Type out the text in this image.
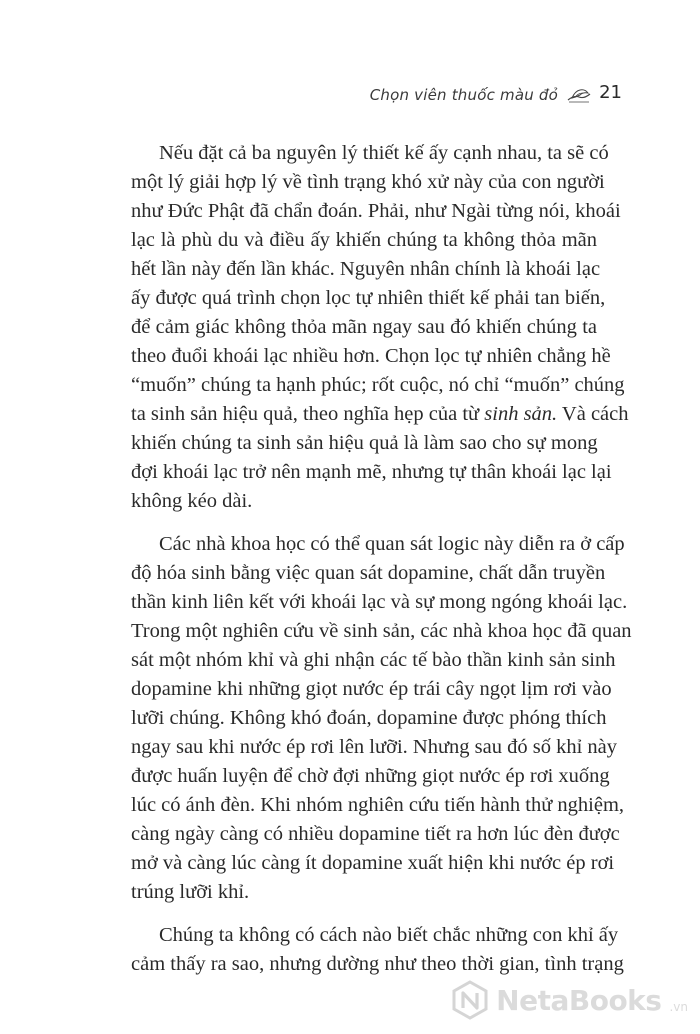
Chọn viên thuốc màu đỏ 21

Nếu đặt cả ba nguyên lý thiết kế ấy cạnh nhau, ta sẽ có
một lý giải hợp lý về tình trạng khó xử này của con người
như Đức Phật đã chẩn đoán. Phải, như Ngài từng nói, khoái
lạc là phù du và điều ấy khiến chúng ta không thỏa mãn
hết lần này đến lần khác. Nguyên nhân chính là khoái lạc
ấy được quá trình chọn lọc tự nhiên thiết kế phải tan biến,
để cảm giác không thỏa mãn ngay sau đó khiến chúng ta
theo đuổi khoái lạc nhiều hơn. Chọn lọc tự nhiên chẳng hề
“muốn” chúng ta hạnh phúc; rốt cuộc, nó chỉ “muốn” chúng
ta sinh sản hiệu quả, theo nghĩa hẹp của từ sinh sản. Và cách
khiến chúng ta sinh sản hiệu quả là làm sao cho sự mong
đợi khoái lạc trở nên mạnh mẽ, nhưng tự thân khoái lạc lại
không kéo dài.

Các nhà khoa học có thể quan sát logic này diễn ra ở cấp
độ hóa sinh bằng việc quan sát dopamine, chất dẫn truyền
thần kinh liên kết với khoái lạc và sự mong ngóng khoái lạc.
Trong một nghiên cứu về sinh sản, các nhà khoa học đã quan
sát một nhóm khỉ và ghi nhận các tế bào thần kinh sản sinh
dopamine khi những giọt nước ép trái cây ngọt lịm rơi vào
lưỡi chúng. Không khó đoán, dopamine được phóng thích
ngay sau khi nước ép rơi lên lưỡi. Nhưng sau đó số khỉ này
được huấn luyện để chờ đợi những giọt nước ép rơi xuống
lúc có ánh đèn. Khi nhóm nghiên cứu tiến hành thử nghiệm,
càng ngày càng có nhiều dopamine tiết ra hơn lúc đèn được
mở và càng lúc càng ít dopamine xuất hiện khi nước ép rơi
trúng lưỡi khỉ.

Chúng ta không có cách nào biết chắc những con khỉ ấy
cảm thấy ra sao, nhưng dường như theo thời gian, tình trạng

NetaBooks .vn
